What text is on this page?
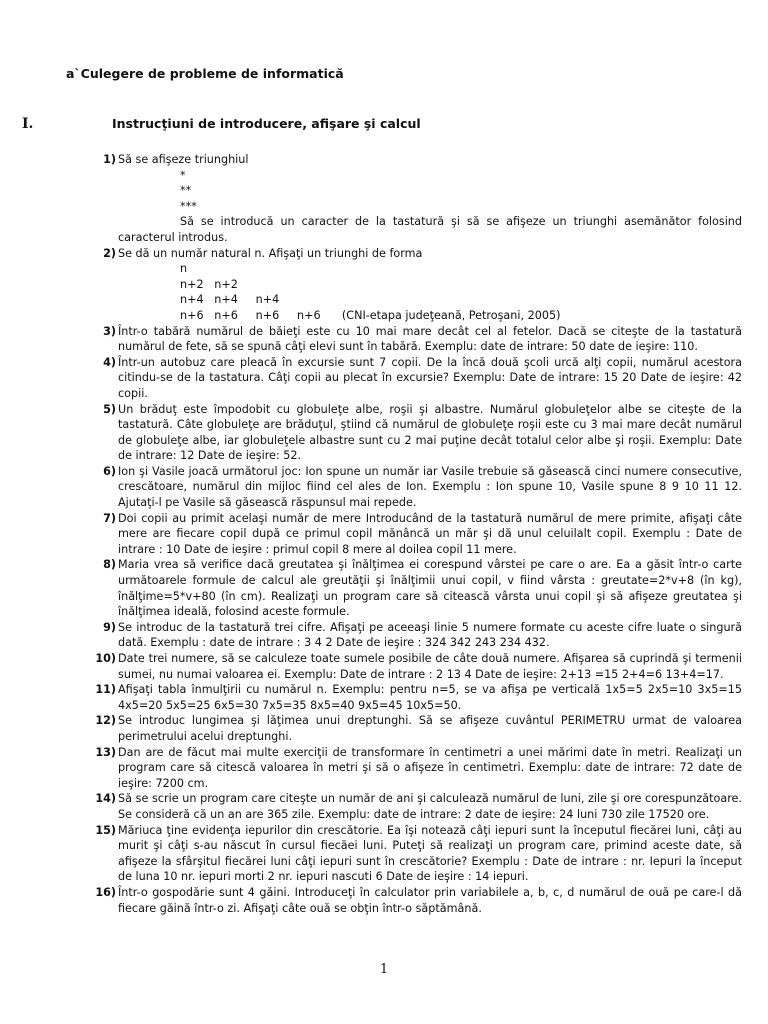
a`Culegere de probleme de informatică
I.	Instrucţiuni de introducere, afişare şi calcul
1) Să se afişeze triunghiul

*
**
***

Să se introducă un caracter de la tastatură şi să se afişeze un triunghi asemănător folosind caracterul introdus.

2) Se dă un număr natural n. Afişaţi un triunghi de forma

n
n+2   n+2
n+4   n+4     n+4
n+6   n+6     n+6     n+6      (CNI-etapa judeţeană, Petroşani, 2005)
3) Într-o tabără numărul de băieţi este cu 10 mai mare decât cel al fetelor. Dacă se citeşte de la tastatură numărul de fete, să se spună câţi elevi sunt în tabără. Exemplu: date de intrare: 50 date de ieşire: 110.

4) Într-un autobuz care pleacă în excursie sunt 7 copii. De la încă două şcoli urcă alţi copii, numărul acestora citindu-se de la tastatura. Câţi copii au plecat în excursie? Exemplu: Date de intrare: 15 20 Date de ieşire: 42 copii.

5) Un brăduţ este împodobit cu globuleţe albe, roşii şi albastre. Numărul globuleţelor albe se citeşte de la tastatură. Câte globuleţe are brăduţul, ştiind că numărul de globuleţe roşii este cu 3 mai mare decât numărul de globuleţe albe, iar globuleţele albastre sunt cu 2 mai puţine decât totalul celor albe şi roşii. Exemplu: Date de intrare: 12 Date de ieşire: 52.

6) Ion şi Vasile joacă următorul joc: Ion spune un număr iar Vasile trebuie să găsească cinci numere consecutive, crescătoare, numărul din mijloc fiind cel ales de Ion. Exemplu : Ion spune 10, Vasile spune 8 9 10 11 12. Ajutaţi-l pe Vasile să găsească răspunsul mai repede.

7) Doi copii au primit acelaşi număr de mere Introducând de la tastatură numărul de mere primite, afişaţi câte mere are fiecare copil după ce primul copil mănâncă un măr şi dă unul celuilalt copil. Exemplu : Date de intrare : 10 Date de ieşire : primul copil 8 mere al doilea copil 11 mere.

8) Maria vrea să verifice dacă greutatea şi înălţimea ei corespund vârstei pe care o are. Ea a găsit într-o carte următoarele formule de calcul ale greutăţii şi înălţimii unui copil, v fiind vârsta : greutate=2*v+8 (în kg), înălţime=5*v+80 (în cm). Realizaţi un program care să citească vârsta unui copil şi să afişeze greutatea şi înălţimea ideală, folosind aceste formule.

9) Se introduc de la tastatură trei cifre. Afişaţi pe aceeaşi linie 5 numere formate cu aceste cifre luate o singură dată. Exemplu : date de intrare : 3 4 2 Date de ieşire : 324 342 243 234 432.

10) Date trei numere, să se calculeze toate sumele posibile de câte două numere. Afişarea să cuprindă şi termenii sumei, nu numai valoarea ei. Exemplu: Date de intrare : 2 13 4 Date de ieşire: 2+13 =15 2+4=6 13+4=17.

11) Afişaţi tabla înmulţirii cu numărul n. Exemplu: pentru n=5, se va afişa pe verticală 1x5=5 2x5=10 3x5=15 4x5=20 5x5=25 6x5=30 7x5=35 8x5=40 9x5=45 10x5=50.

12) Se introduc lungimea şi lăţimea unui dreptunghi. Să se afişeze cuvântul PERIMETRU urmat de valoarea perimetrului acelui dreptunghi.

13) Dan are de făcut mai multe exerciţii de transformare în centimetri a unei mărimi date în metri. Realizaţi un program care să citescă valoarea în metri şi să o afişeze în centimetri. Exemplu: date de intrare: 72 date de ieşire: 7200 cm.

14) Să se scrie un program care citeşte un număr de ani şi calculează numărul de luni, zile şi ore corespunzătoare. Se consideră că un an are 365 zile. Exemplu: date de intrare: 2 date de ieşire: 24 luni 730 zile 17520 ore.

15) Măriuca ţine evidenţa iepurilor din crescătorie. Ea îşi notează câţi iepuri sunt la începutul fiecărei luni, câţi au murit şi câţi s-au născut în cursul fiecăei luni. Puteţi să realizaţi un program care, primind aceste date, să afişeze la sfârşitul fiecărei luni câţi iepuri sunt în crescătorie? Exemplu : Date de intrare : nr. Iepuri la început de luna 10 nr. iepuri morti 2 nr. iepuri nascuti 6 Date de ieşire : 14 iepuri.

16) Într-o gospodărie sunt 4 găini. Introduceţi în calculator prin variabilele a, b, c, d numărul de ouă pe care-l dă fiecare găină într-o zi. Afişaţi câte ouă se obţin într-o săptămână.

1
